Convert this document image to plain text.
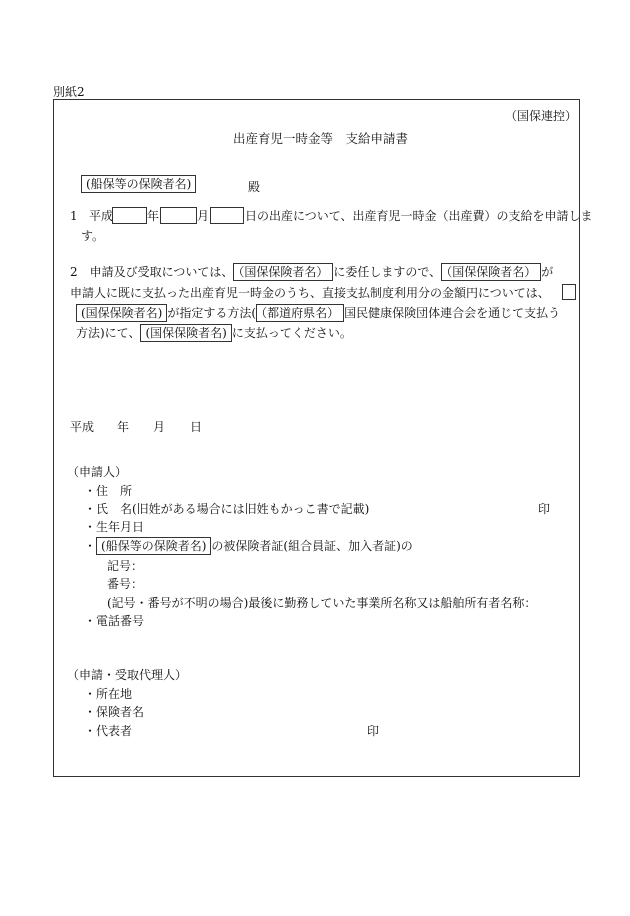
別紙2
（国保連控）
出産育児一時金等　支給申請書
(船保等の保険者名)	殿
1 平成	年	月	日の出産について、出産育児一時金（出産費）の支給を申請しま
す。
2 申請及び受取については、 （国保保険者名） に委任しますので、 （国保保険者名） が
申請人に既に支払った出産育児一時金のうち、直接支払制度利用分の金額円については、
(国保保険者名) が指定する方法( （都道府県名） 国民健康保険団体連合会を通じて支払う
方法)にて、 (国保保険者名) に支払ってください。
平成 年 月 日
（申請人）
・住　所
・氏　名(旧姓がある場合には旧姓もかっこ書で記載)	印
・生年月日
・ (船保等の保険者名) の被保険者証(組合員証、加入者証)の
記号：
番号：
(記号・番号が不明の場合)最後に勤務していた事業所名称又は船舶所有者名称：
・電話番号
（申請・受取代理人）
・所在地
・保険者名
・代表者	印
